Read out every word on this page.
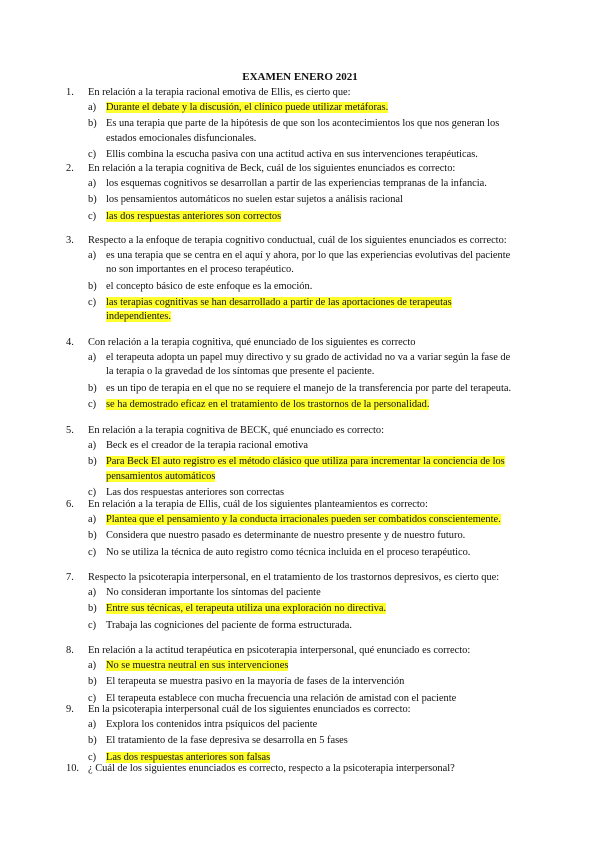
EXAMEN ENERO 2021
1. En relación a la terapia racional emotiva de Ellis, es cierto que:
a) Durante el debate y la discusión, el clínico puede utilizar metáforas.
b) Es una terapia que parte de la hipótesis de que son los acontecimientos los que nos generan los estados emocionales disfuncionales.
c) Ellis combina la escucha pasiva con una actitud activa en sus intervenciones terapéuticas.
2. En relación a la terapia cognitiva de Beck, cuál de los siguientes enunciados es correcto:
a) los esquemas cognitivos se desarrollan a partir de las experiencias tempranas de la infancia.
b) los pensamientos automáticos no suelen estar sujetos a análisis racional
c) las dos respuestas anteriores son correctos
3. Respecto a la enfoque de terapia cognitivo conductual, cuál de los siguientes enunciados es correcto:
a) es una terapia que se centra en el aquí y ahora, por lo que las experiencias evolutivas del paciente no son importantes en el proceso terapéutico.
b) el concepto básico de este enfoque es la emoción.
c) las terapias cognitivas se han desarrollado a partir de las aportaciones de terapeutas independientes.
4. Con relación a la terapia cognitiva, qué enunciado de los siguientes es correcto
a) el terapeuta adopta un papel muy directivo y su grado de actividad no va a variar según la fase de la terapia o la gravedad de los síntomas que presente el paciente.
b) es un tipo de terapia en el que no se requiere el manejo de la transferencia por parte del terapeuta.
c) se ha demostrado eficaz en el tratamiento de los trastornos de la personalidad.
5. En relación a la terapia cognitiva de BECK, qué enunciado es correcto:
a) Beck es el creador de la terapia racional emotiva
b) Para Beck El auto registro es el método clásico que utiliza para incrementar la conciencia de los pensamientos automáticos
c) Las dos respuestas anteriores son correctas
6. En relación a la terapia de Ellis, cuál de los siguientes planteamientos es correcto:
a) Plantea que el pensamiento y la conducta irracionales pueden ser combatidos conscientemente.
b) Considera que nuestro pasado es determinante de nuestro presente y de nuestro futuro.
c) No se utiliza la técnica de auto registro como técnica incluida en el proceso terapéutico.
7. Respecto la psicoterapia interpersonal, en el tratamiento de los trastornos depresivos, es cierto que:
a) No consideran importante los síntomas del paciente
b) Entre sus técnicas, el terapeuta utiliza una exploración no directiva.
c) Trabaja las cogniciones del paciente de forma estructurada.
8. En relación a la actitud terapéutica en psicoterapia interpersonal, qué enunciado es correcto:
a) No se muestra neutral en sus intervenciones
b) El terapeuta se muestra pasivo en la mayoría de fases de la intervención
c) El terapeuta establece con mucha frecuencia una relación de amistad con el paciente
9. En la psicoterapia interpersonal cuál de los siguientes enunciados es correcto:
a) Explora los contenidos intra psíquicos del paciente
b) El tratamiento de la fase depresiva se desarrolla en 5 fases
c) Las dos respuestas anteriores son falsas
10. ¿ Cuál de los siguientes enunciados es correcto, respecto a la psicoterapia interpersonal?
